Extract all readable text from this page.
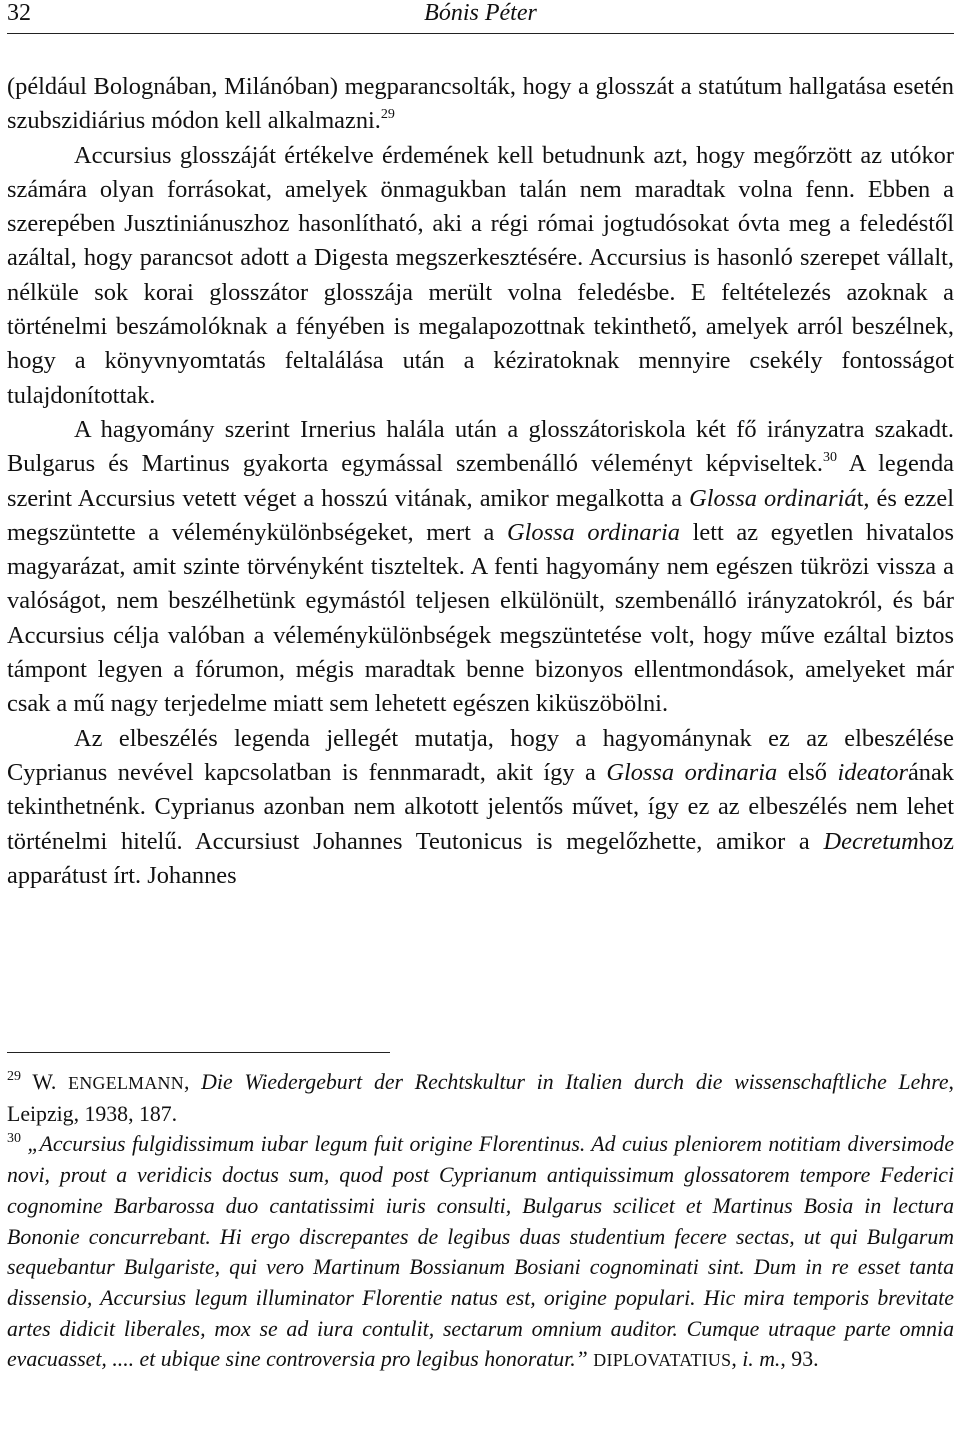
32	Bónis Péter

(például Bolognában, Milánóban) megparancsolták, hogy a glosszát a statútum hallgatása esetén szubszidiárius módon kell alkalmazni.$^{29}$

Accursius glosszáját értékelve érdemének kell betudnunk azt, hogy megőrzött az utókor számára olyan forrásokat, amelyek önmagukban talán nem maradtak volna fenn. Ebben a szerepében Jusztiniánuszhoz hasonlítható, aki a régi római jogtudósokat óvta meg a feledéstől azáltal, hogy parancsot adott a Digesta megszerkesztésére. Accursius is hasonló szerepet vállalt, nélküle sok korai glosszátor glosszája merült volna feledésbe. E feltételezés azoknak a történelmi beszámolóknak a fényében is megalapozottnak tekinthető, amelyek arról beszélnek, hogy a könyvnyomtatás feltalálása után a kéziratoknak mennyire csekély fontosságot tulajdonítottak.

A hagyomány szerint Irnerius halála után a glosszátoriskola két fő irányzatra szakadt. Bulgarus és Martinus gyakorta egymással szembenálló véleményt képviseltek.$^{30}$ A legenda szerint Accursius vetett véget a hosszú vitának, amikor megalkotta a Glossa ordinariát, és ezzel megszüntette a véleménykülönbségeket, mert a Glossa ordinaria lett az egyetlen hivatalos magyarázat, amit szinte törvényként tiszteltek. A fenti hagyomány nem egészen tükrözi vissza a valóságot, nem beszélhetünk egymástól teljesen elkülönült, szembenálló irányzatokról, és bár Accursius célja valóban a véleménykülönbségek megszüntetése volt, hogy műve ezáltal biztos támpont legyen a fórumon, mégis maradtak benne bizonyos ellentmondások, amelyeket már csak a mű nagy terjedelme miatt sem lehetett egészen kiküszöbölni.

Az elbeszélés legenda jellegét mutatja, hogy a hagyománynak ez az elbeszélése Cyprianus nevével kapcsolatban is fennmaradt, akit így a Glossa ordinaria első ideatorának tekinthetnénk. Cyprianus azonban nem alkotott jelentős művet, így ez az elbeszélés nem lehet történelmi hitelű. Accursiust Johannes Teutonicus is megelőzhette, amikor a Decretumhoz apparátust írt. Johannes

$^{29}$ W. ENGELMANN, Die Wiedergeburt der Rechtskultur in Italien durch die wissenschaftliche Lehre, Leipzig, 1938, 187.

$^{30}$ „Accursius fulgidissimum iubar legum fuit origine Florentinus. Ad cuius pleniorem notitiam diversimode novi, prout a veridicis doctus sum, quod post Cyprianum antiquissimum glossatorem tempore Federici cognomine Barbarossa duo cantatissimi iuris consulti, Bulgarus scilicet et Martinus Bosia in lectura Bononie concurrebant. Hi ergo discrepantes de legibus duas studentium fecere sectas, ut qui Bulgarum sequebantur Bulgariste, qui vero Martinum Bossianum Bosiani cognominati sint. Dum in re esset tanta dissensio, Accursius legum illuminator Florentie natus est, origine populari. Hic mira temporis brevitate artes didicit liberales, mox se ad iura contulit, sectarum omnium auditor. Cumque utraque parte omnia evacuasset, .... et ubique sine controversia pro legibus honoratur.” DIPLOVATATIUS, i. m., 93.
